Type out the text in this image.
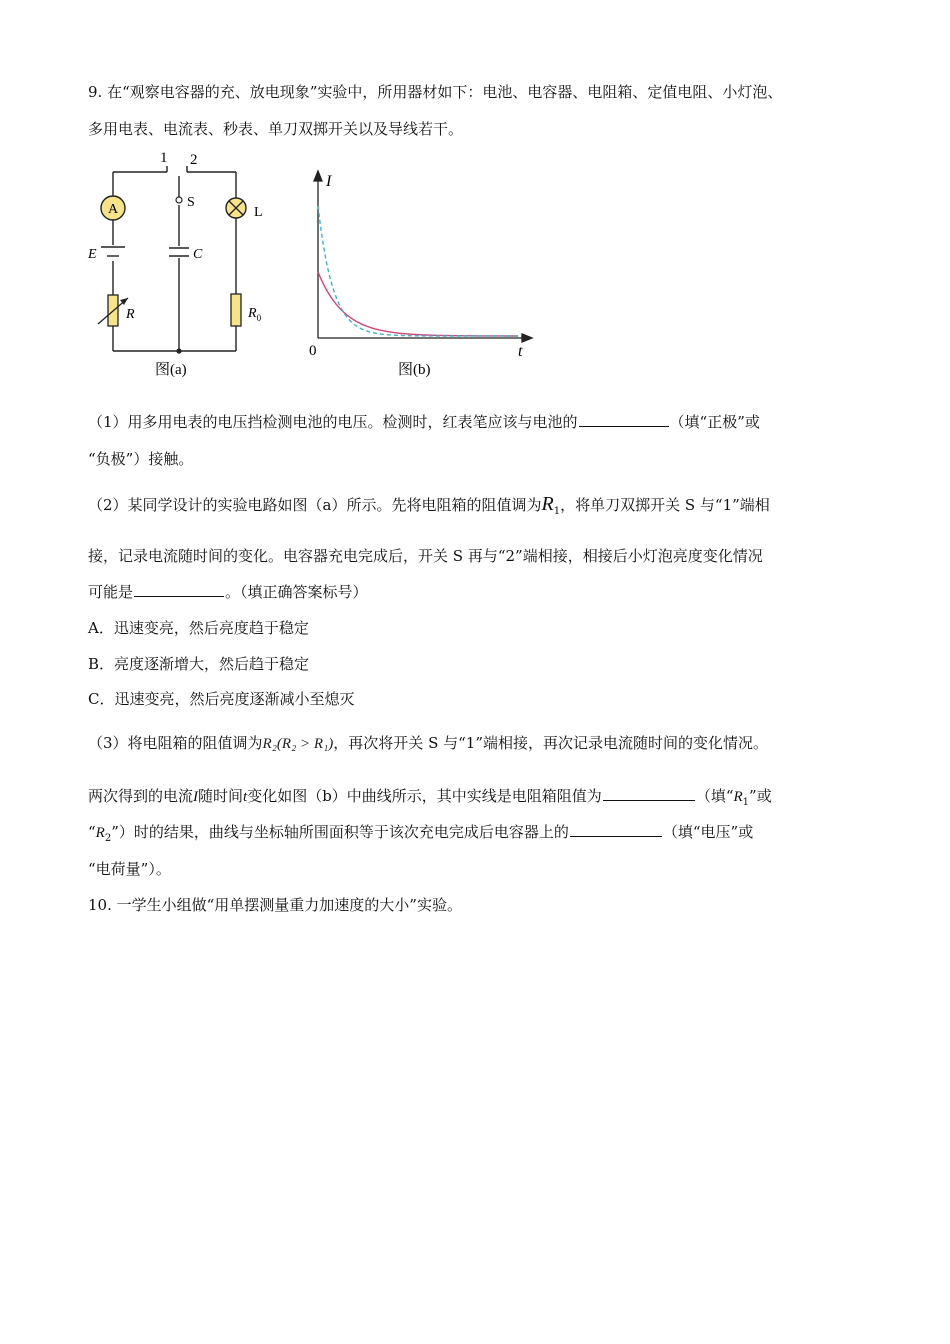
9. 在“观察电容器的充、放电现象”实验中，所用器材如下：电池、电容器、电阻箱、定值电阻、小灯泡、
多用电表、电流表、秒表、单刀双掷开关以及导线若干。
1 2
S
A
E	C
L
R	$R_0$
图(a)
I
t
0
图(b)
（1）用多用电表的电压挡检测电池的电压。检测时，红表笔应该与电池的	（填“正极”或
“负极”）接触。
（2）某同学设计的实验电路如图（a）所示。先将电阻箱的阻值调为$R_1$，将单刀双掷开关 S 与“1”端相
接，记录电流随时间的变化。电容器充电完成后，开关 S 再与“2”端相接，相接后小灯泡亮度变化情况
可能是	。（填正确答案标号）
A．迅速变亮，然后亮度趋于稳定
B．亮度逐渐增大，然后趋于稳定
C．迅速变亮，然后亮度逐渐减小至熄灭
（3）将电阻箱的阻值调为R₂(R₂ > R₁)，再次将开关 S 与“1”端相接，再次记录电流随时间的变化情况。
两次得到的电流I随时间t变化如图（b）中曲线所示，其中实线是电阻箱阻值为	（填“$R_1$”或
“$R_2$”）时的结果，曲线与坐标轴所围面积等于该次充电完成后电容器上的	（填“电压”或
“电荷量”）。
10. 一学生小组做“用单摆测量重力加速度的大小”实验。
